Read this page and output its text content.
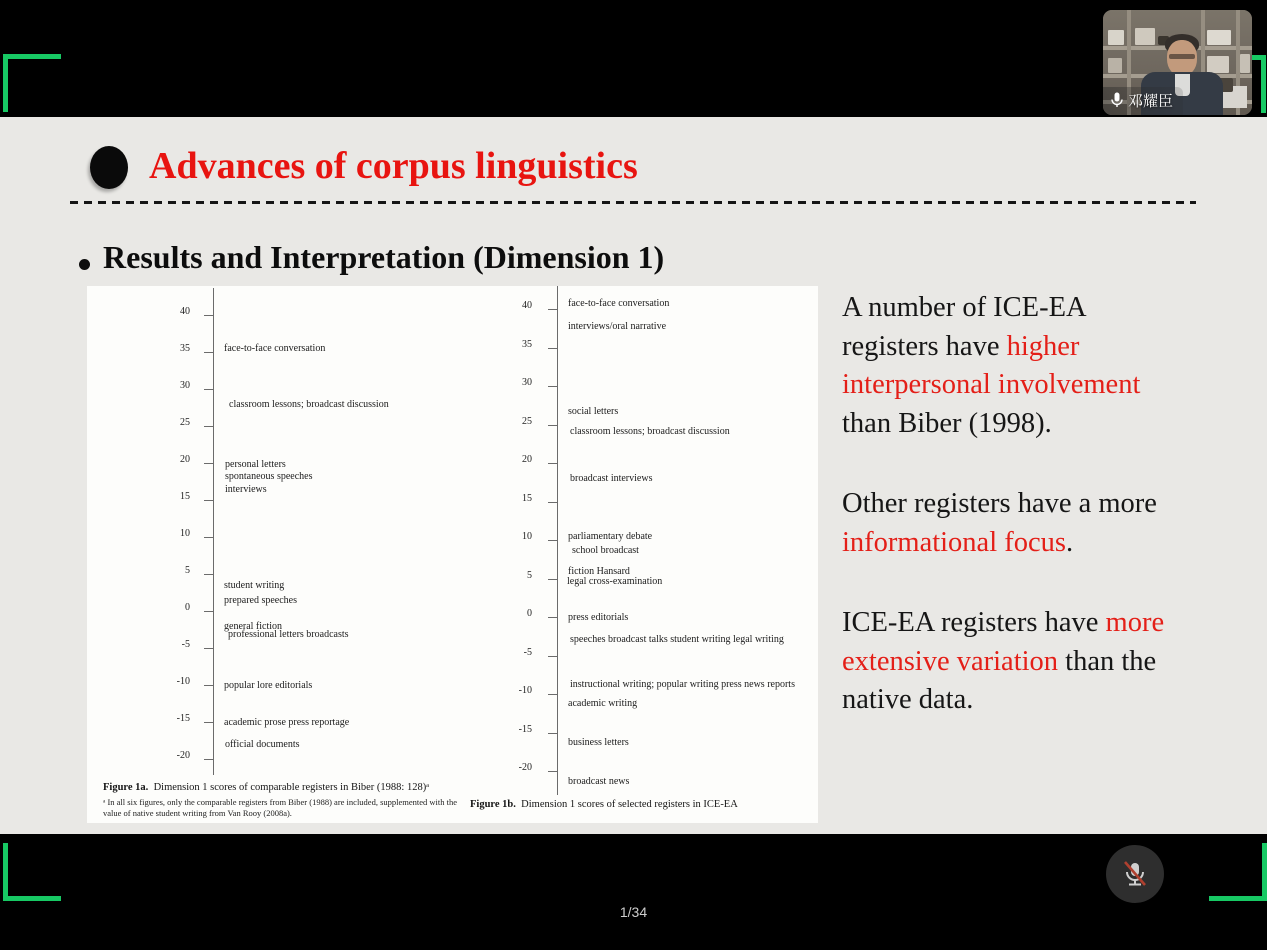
邓耀臣
Advances of corpus linguistics
Results and Interpretation (Dimension 1)
40
35
30
25
20
15
10
5
0
-5
-10
-15
-20
face-to-face conversation
classroom lessons; broadcast discussion
personal letters
spontaneous speeches
interviews
student writing
prepared speeches
general fiction
professional letters broadcasts
popular lore editorials
academic prose press reportage
official documents
Figure 1a. Dimension 1 scores of comparable registers in Biber (1988: 128)ᵃ
ᵃ In all six figures, only the comparable registers from Biber (1988) are included, supplemented with the value of native student writing from Van Rooy (2008a).
40
35
30
25
20
15
10
5
0
-5
-10
-15
-20
face-to-face conversation
interviews/oral narrative
social letters
classroom lessons; broadcast discussion
broadcast interviews
parliamentary debate
school broadcast
fiction Hansard
legal cross-examination
press editorials
speeches broadcast talks student writing legal writing
instructional writing; popular writing press news reports
academic writing
business letters
broadcast news
Figure 1b. Dimension 1 scores of selected registers in ICE-EA
A number of ICE-EA
registers have higher
interpersonal involvement
than Biber (1998).
Other registers have a more
informational focus.
ICE-EA registers have more
extensive variation than the
native data.
1/34
